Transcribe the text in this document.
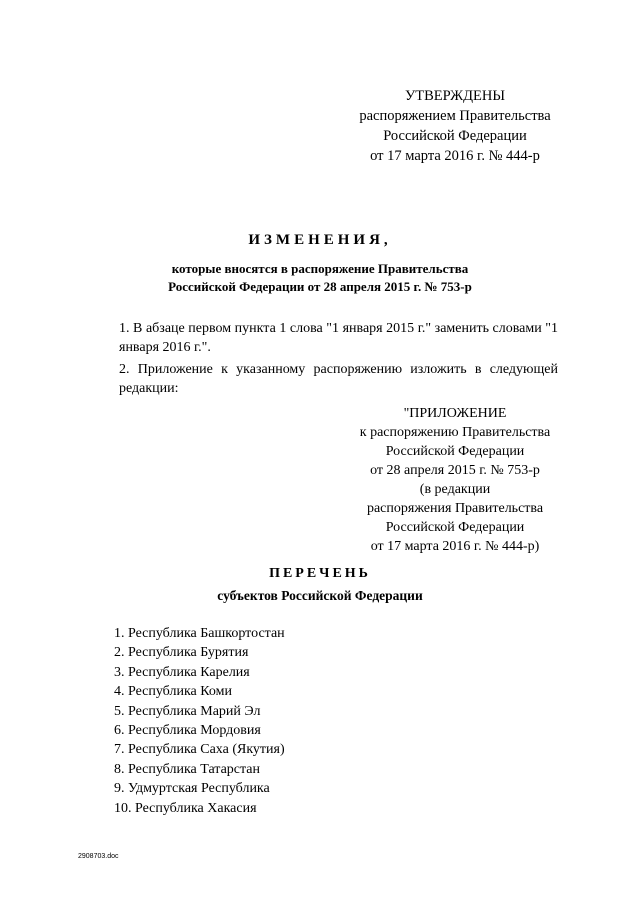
УТВЕРЖДЕНЫ
распоряжением Правительства
Российской Федерации
от 17 марта 2016 г. № 444-р
ИЗМЕНЕНИЯ,
которые вносятся в распоряжение Правительства
Российской Федерации от 28 апреля 2015 г. № 753-р
1. В абзаце первом пункта 1 слова "1 января 2015 г." заменить словами "1 января 2016 г.".
2. Приложение к указанному распоряжению изложить в следующей редакции:
"ПРИЛОЖЕНИЕ
к распоряжению Правительства
Российской Федерации
от 28 апреля 2015 г. № 753-р
(в редакции
распоряжения Правительства
Российской Федерации
от 17 марта 2016 г. № 444-р)
ПЕРЕЧЕНЬ
субъектов Российской Федерации
1. Республика Башкортостан
2. Республика Бурятия
3. Республика Карелия
4. Республика Коми
5. Республика Марий Эл
6. Республика Мордовия
7. Республика Саха (Якутия)
8. Республика Татарстан
9. Удмуртская Республика
10. Республика Хакасия
2908703.doc
